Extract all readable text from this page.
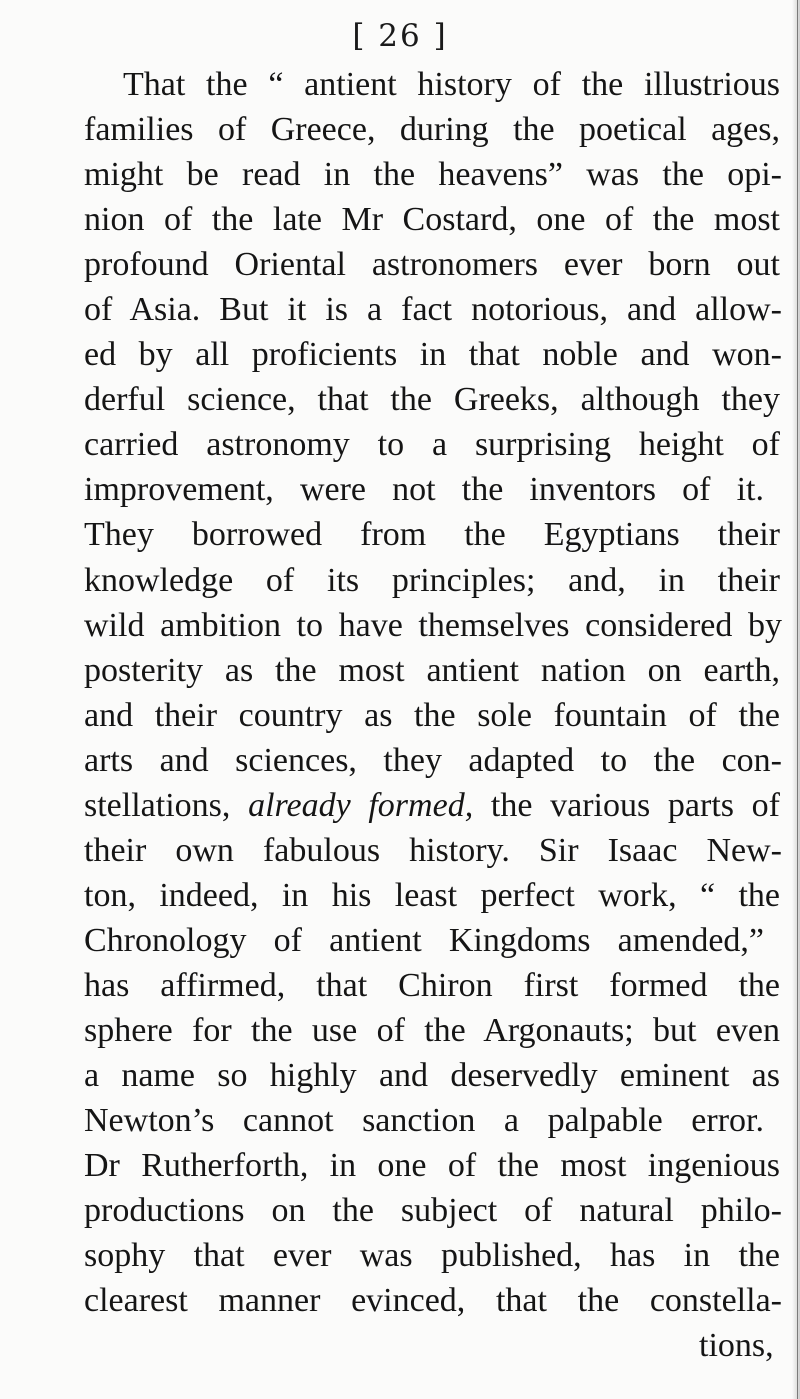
[ 26 ]
That the “ antient history of the illustrious
families of Greece, during the poetical ages,
might be read in the heavens” was the opi-
nion of the late Mr Costard, one of the most
profound Oriental astronomers ever born out
of Asia. But it is a fact notorious, and allow-
ed by all proficients in that noble and won-
derful science, that the Greeks, although they
carried astronomy to a surprising height of
improvement, were not the inventors of it.
They borrowed from the Egyptians their
knowledge of its principles; and, in their
wild ambition to have themselves considered by
posterity as the most antient nation on earth,
and their country as the sole fountain of the
arts and sciences, they adapted to the con-
stellations, already formed, the various parts of
their own fabulous history. Sir Isaac New-
ton, indeed, in his least perfect work, “ the
Chronology of antient Kingdoms amended,”
has affirmed, that Chiron first formed the
sphere for the use of the Argonauts; but even
a name so highly and deservedly eminent as
Newton’s cannot sanction a palpable error.
Dr Rutherforth, in one of the most ingenious
productions on the subject of natural philo-
sophy that ever was published, has in the
clearest manner evinced, that the constella-
tions,
